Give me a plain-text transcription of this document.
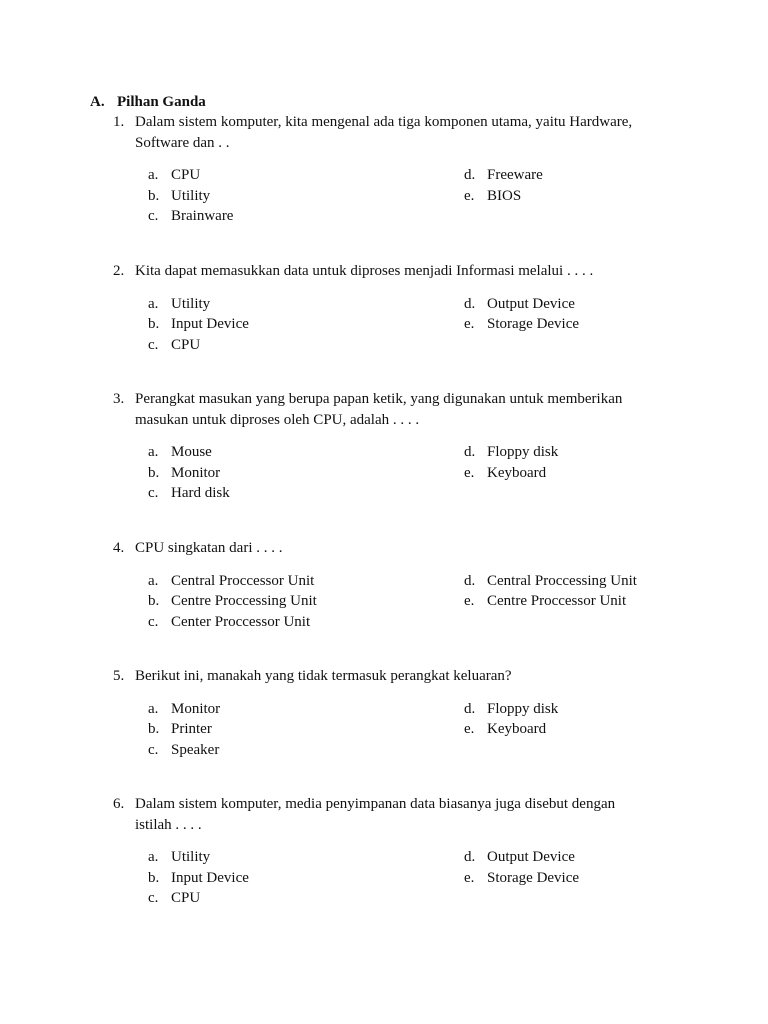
A. Pilhan Ganda
1. Dalam sistem komputer, kita mengenal ada tiga komponen utama, yaitu Hardware, Software dan . .
a. CPU
b. Utility
c. Brainware
d. Freeware
e. BIOS
2. Kita dapat memasukkan data untuk diproses menjadi Informasi melalui . . . .
a. Utility
b. Input Device
c. CPU
d. Output Device
e. Storage Device
3. Perangkat masukan yang berupa papan ketik, yang digunakan untuk memberikan masukan untuk diproses oleh CPU, adalah . . . .
a. Mouse
b. Monitor
c. Hard disk
d. Floppy disk
e. Keyboard
4. CPU singkatan dari . . . .
a. Central Proccessor Unit
b. Centre Proccessing Unit
c. Center Proccessor Unit
d. Central Proccessing Unit
e. Centre Proccessor Unit
5. Berikut ini, manakah yang tidak termasuk perangkat keluaran?
a. Monitor
b. Printer
c. Speaker
d. Floppy disk
e. Keyboard
6. Dalam sistem komputer, media penyimpanan data biasanya juga disebut dengan istilah . . . .
a. Utility
b. Input Device
c. CPU
d. Output Device
e. Storage Device
